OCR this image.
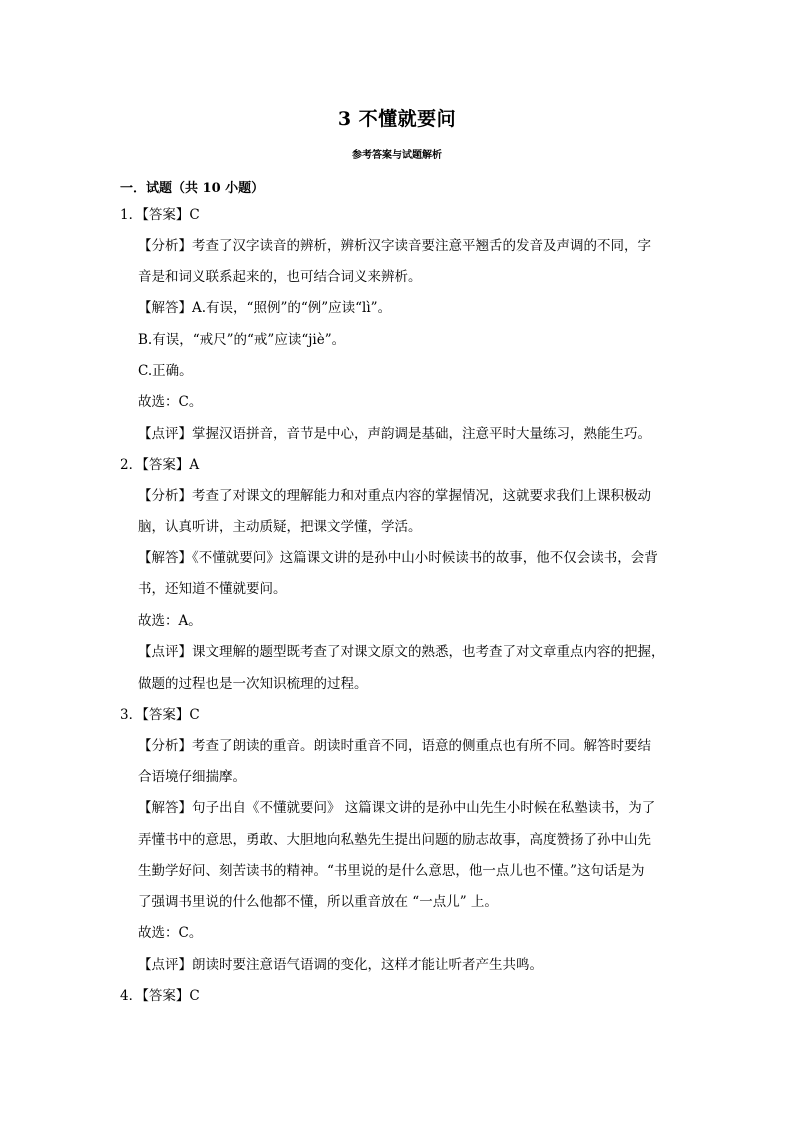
3 不懂就要问
参考答案与试题解析
一．试题（共 10 小题）
1．【答案】C
【分析】考查了汉字读音的辨析，辨析汉字读音要注意平翘舌的发音及声调的不同，字
音是和词义联系起来的，也可结合词义来辨析。
【解答】A.有误，“照例”的“例”应读“lì”。
B.有误，“戒尺”的“戒”应读“jiè”。
C.正确。
故选：C。
【点评】掌握汉语拼音，音节是中心，声韵调是基础，注意平时大量练习，熟能生巧。
2．【答案】A
【分析】考查了对课文的理解能力和对重点内容的掌握情况，这就要求我们上课积极动
脑，认真听讲，主动质疑，把课文学懂，学活。
【解答】《不懂就要问》这篇课文讲的是孙中山小时候读书的故事，他不仅会读书，会背
书，还知道不懂就要问。
故选：A。
【点评】课文理解的题型既考查了对课文原文的熟悉，也考查了对文章重点内容的把握，
做题的过程也是一次知识梳理的过程。
3．【答案】C
【分析】考查了朗读的重音。朗读时重音不同，语意的侧重点也有所不同。解答时要结
合语境仔细揣摩。
【解答】句子出自《不懂就要问》 这篇课文讲的是孙中山先生小时候在私塾读书，为了
弄懂书中的意思，勇敢、大胆地向私塾先生提出问题的励志故事，高度赞扬了孙中山先
生勤学好问、刻苦读书的精神。“书里说的是什么意思，他一点儿也不懂。”这句话是为
了强调书里说的什么他都不懂，所以重音放在 “一点儿” 上。
故选：C。
【点评】朗读时要注意语气语调的变化，这样才能让听者产生共鸣。
4．【答案】C
